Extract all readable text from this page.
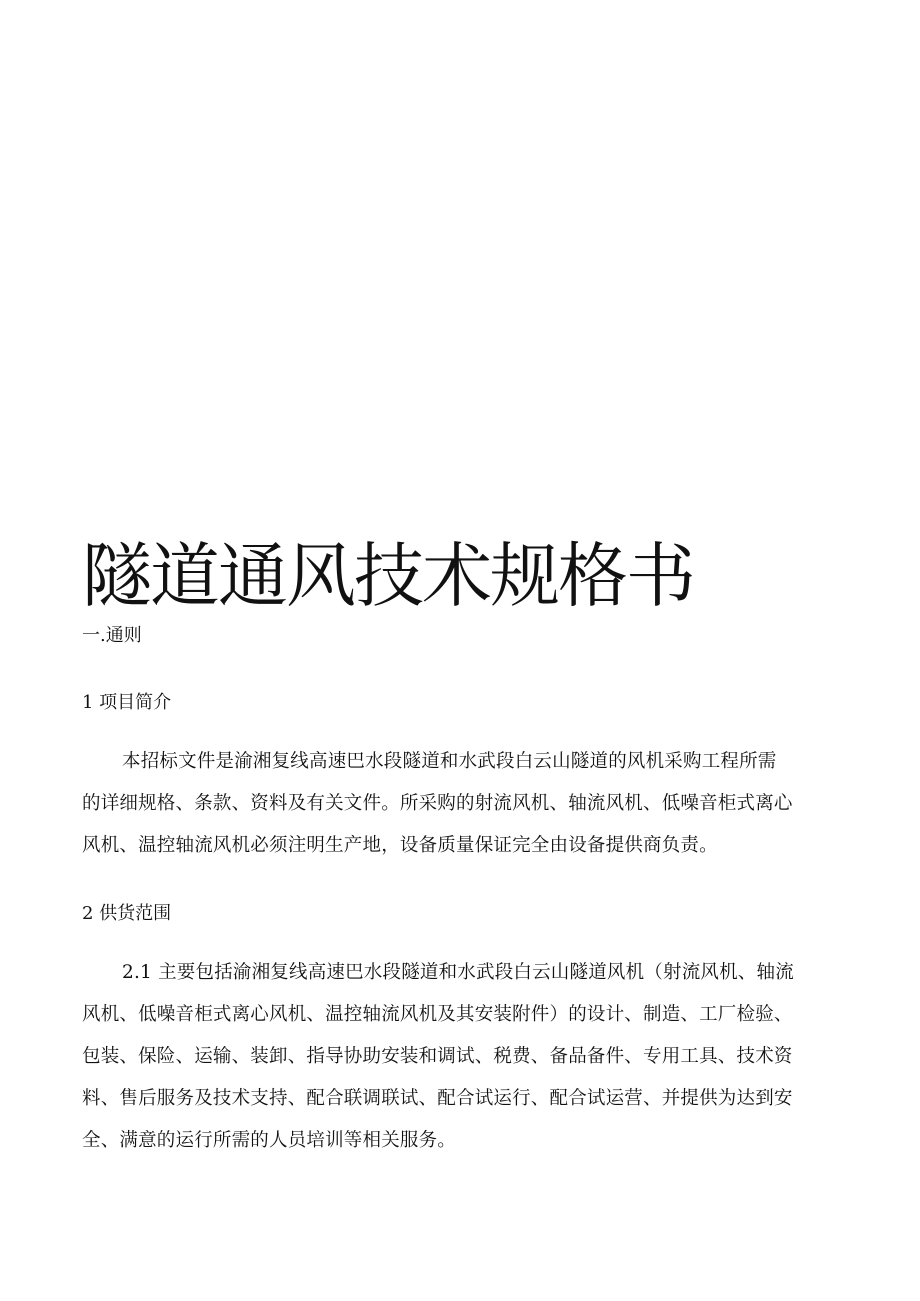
隧道通风技术规格书
一.通则
1 项目简介
本招标文件是渝湘复线高速巴水段隧道和水武段白云山隧道的风机采购工程所需
的详细规格、条款、资料及有关文件。所采购的射流风机、轴流风机、低噪音柜式离心
风机、温控轴流风机必须注明生产地，设备质量保证完全由设备提供商负责。
2 供货范围
2.1 主要包括渝湘复线高速巴水段隧道和水武段白云山隧道风机（射流风机、轴流
风机、低噪音柜式离心风机、温控轴流风机及其安装附件）的设计、制造、工厂检验、
包装、保险、运输、装卸、指导协助安装和调试、税费、备品备件、专用工具、技术资
料、售后服务及技术支持、配合联调联试、配合试运行、配合试运营、并提供为达到安
全、满意的运行所需的人员培训等相关服务。
